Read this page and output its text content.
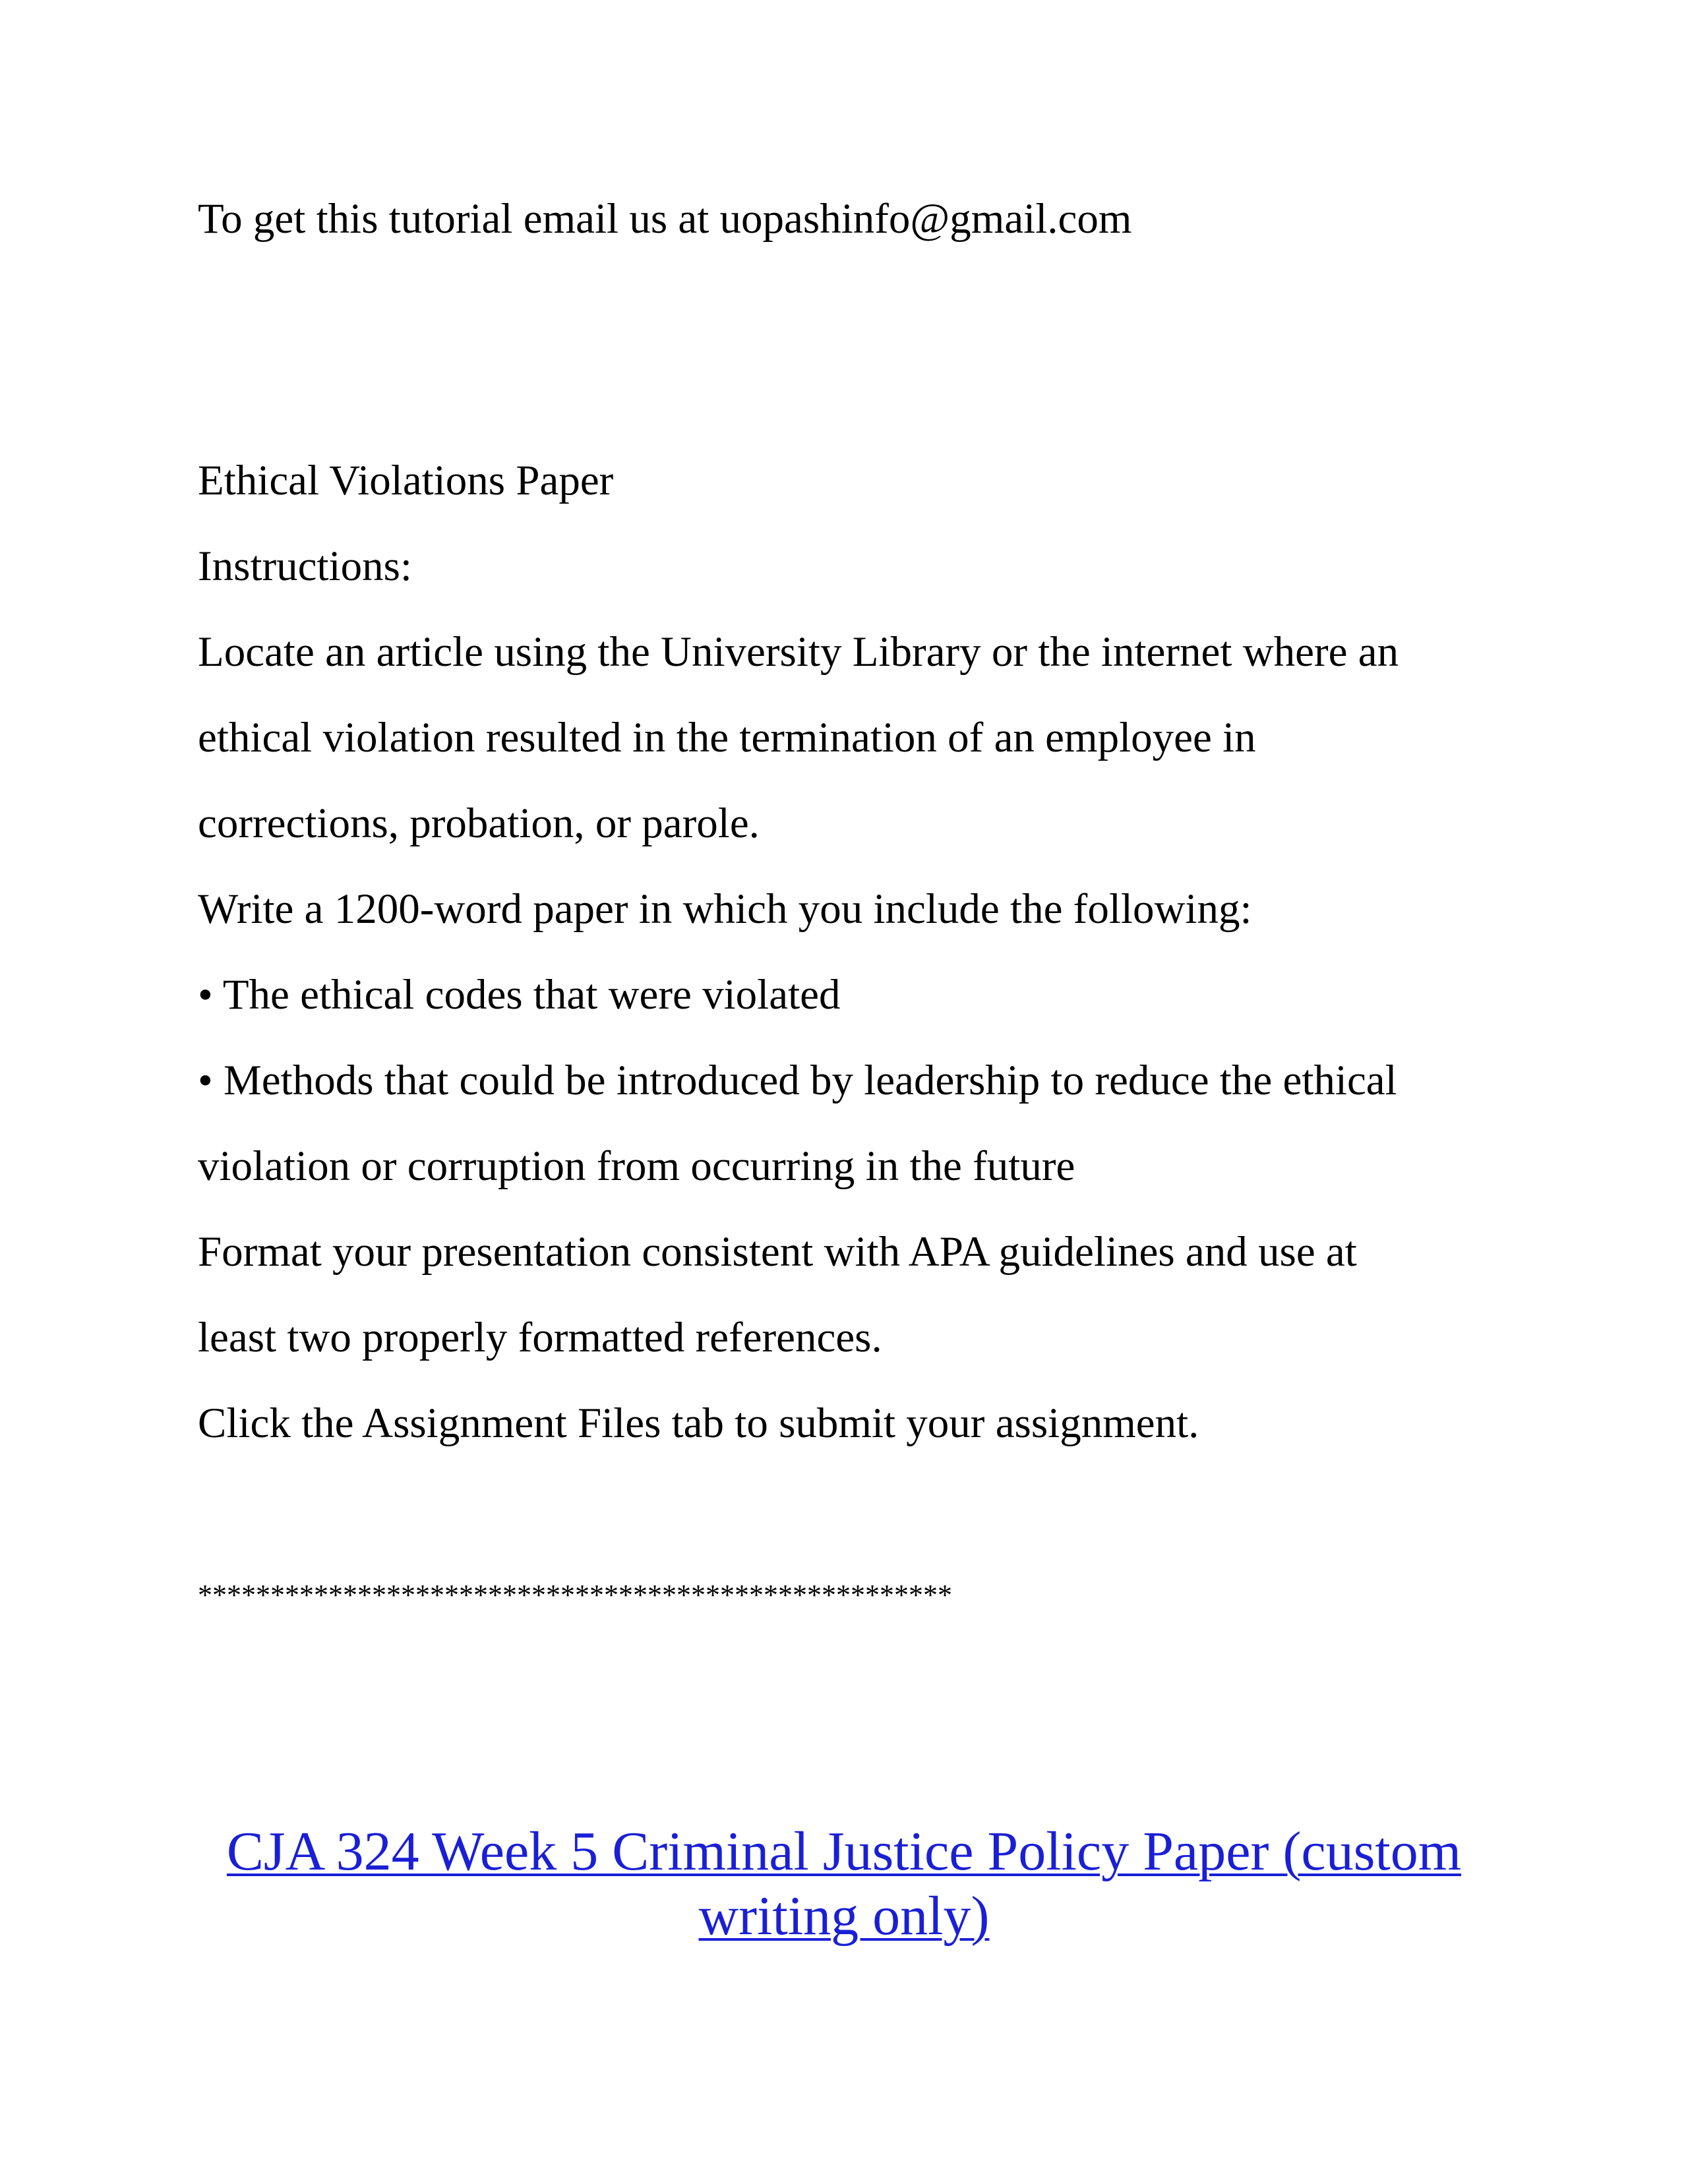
To get this tutorial email us at uopashinfo@gmail.com
Ethical Violations Paper
Instructions:
Locate an article using the University Library or the internet where an
ethical violation resulted in the termination of an employee in
corrections, probation, or parole.
Write a 1200-word paper in which you include the following:
• The ethical codes that were violated
• Methods that could be introduced by leadership to reduce the ethical
violation or corruption from occurring in the future
Format your presentation consistent with APA guidelines and use at
least two properly formatted references.
Click the Assignment Files tab to submit your assignment.
****************************************************
CJA 324 Week 5 Criminal Justice Policy Paper (custom
writing only)
